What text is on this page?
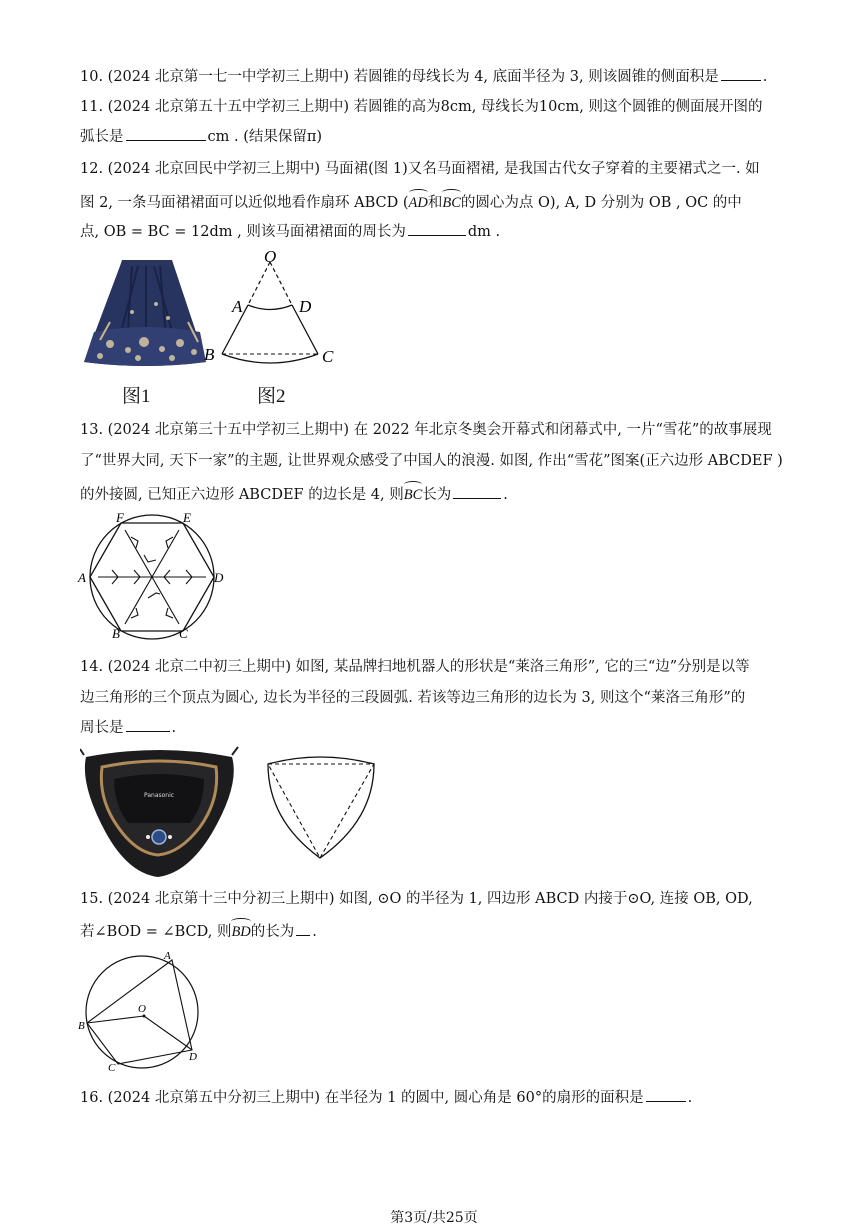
10. (2024 北京第一七一中学初三上期中) 若圆锥的母线长为 4, 底面半径为 3, 则该圆锥的侧面积是	.
11. (2024 北京第五十五中学初三上期中) 若圆锥的高为8cm, 母线长为10cm, 则这个圆锥的侧面展开图的
弧长是	cm . (结果保留π)
12. (2024 北京回民中学初三上期中) 马面裙(图 1)又名马面褶裙, 是我国古代女子穿着的主要裙式之一. 如
图 2, 一条马面裙裙面可以近似地看作扇环 ABCD (AD和BC的圆心为点 O), A, D 分别为 OB , OC 的中
点, OB = BC = 12dm , 则该马面裙裙面的周长为	dm .
图1
O
A	D
B	C
图2
13. (2024 北京第三十五中学初三上期中) 在 2022 年北京冬奥会开幕式和闭幕式中, 一片“雪花”的故事展现
了“世界大同, 天下一家”的主题, 让世界观众感受了中国人的浪漫. 如图, 作出“雪花”图案(正六边形 ABCDEF )
的外接圆, 已知正六边形 ABCDEF 的边长是 4, 则BC长为	.
A
B	C
D
E
F
14. (2024 北京二中初三上期中) 如图, 某品牌扫地机器人的形状是“莱洛三角形”, 它的三“边”分别是以等
边三角形的三个顶点为圆心, 边长为半径的三段圆弧. 若该等边三角形的边长为 3, 则这个“莱洛三角形”的
周长是	.
Panasonic
15. (2024 北京第十三中分初三上期中) 如图, ⊙O 的半径为 1, 四边形 ABCD 内接于⊙O, 连接 OB, OD,
若∠BOD = ∠BCD, 则BD的长为 .
A
B
C
D
O
16. (2024 北京第五中分初三上期中) 在半径为 1 的圆中, 圆心角是 60°的扇形的面积是	.
第3页/共25页
